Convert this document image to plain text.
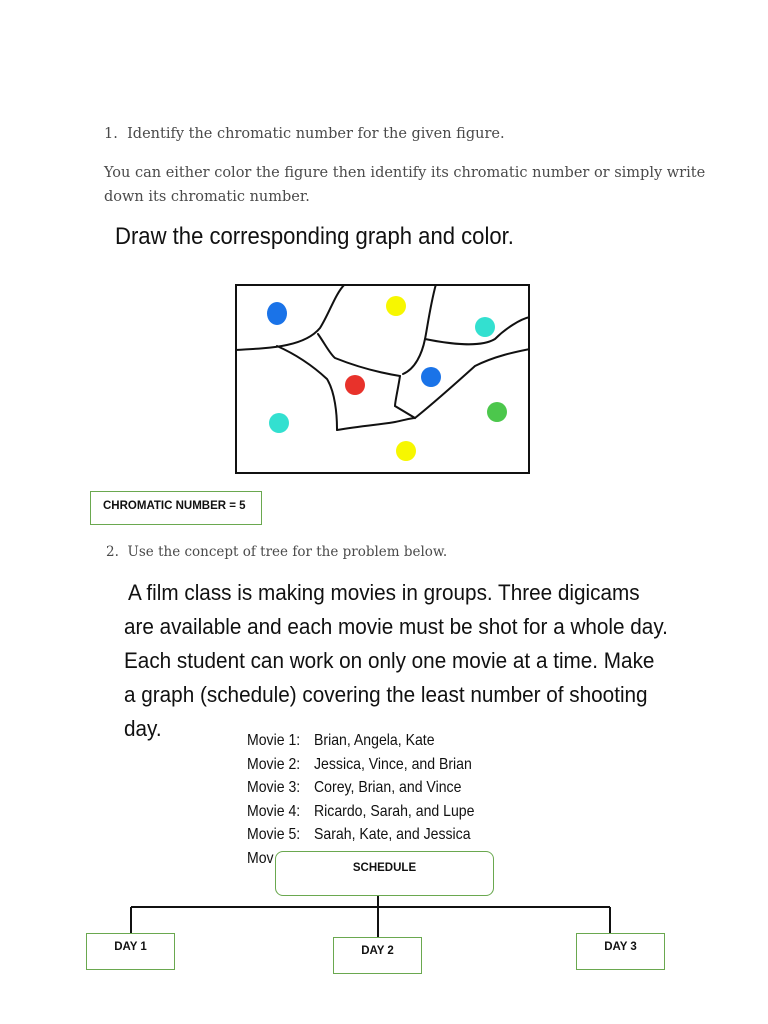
1. Identify the chromatic number for the given figure.
You can either color the figure then identify its chromatic number or simply write
down its chromatic number.
Draw the corresponding graph and color.
CHROMATIC NUMBER = 5
2. Use the concept of tree for the problem below.
A film class is making movies in groups. Three digicams
are available and each movie must be shot for a whole day.
Each student can work on only one movie at a time. Make
a graph (schedule) covering the least number of shooting
day.	Movie 1: Brian, Angela, Kate
Movie 2: Jessica, Vince, and Brian
Movie 3: Corey, Brian, and Vince
Movie 4: Ricardo, Sarah, and Lupe
Movie 5: Sarah, Kate, and Jessica
Mov
SCHEDULE
DAY 1	DAY 2	DAY 3
